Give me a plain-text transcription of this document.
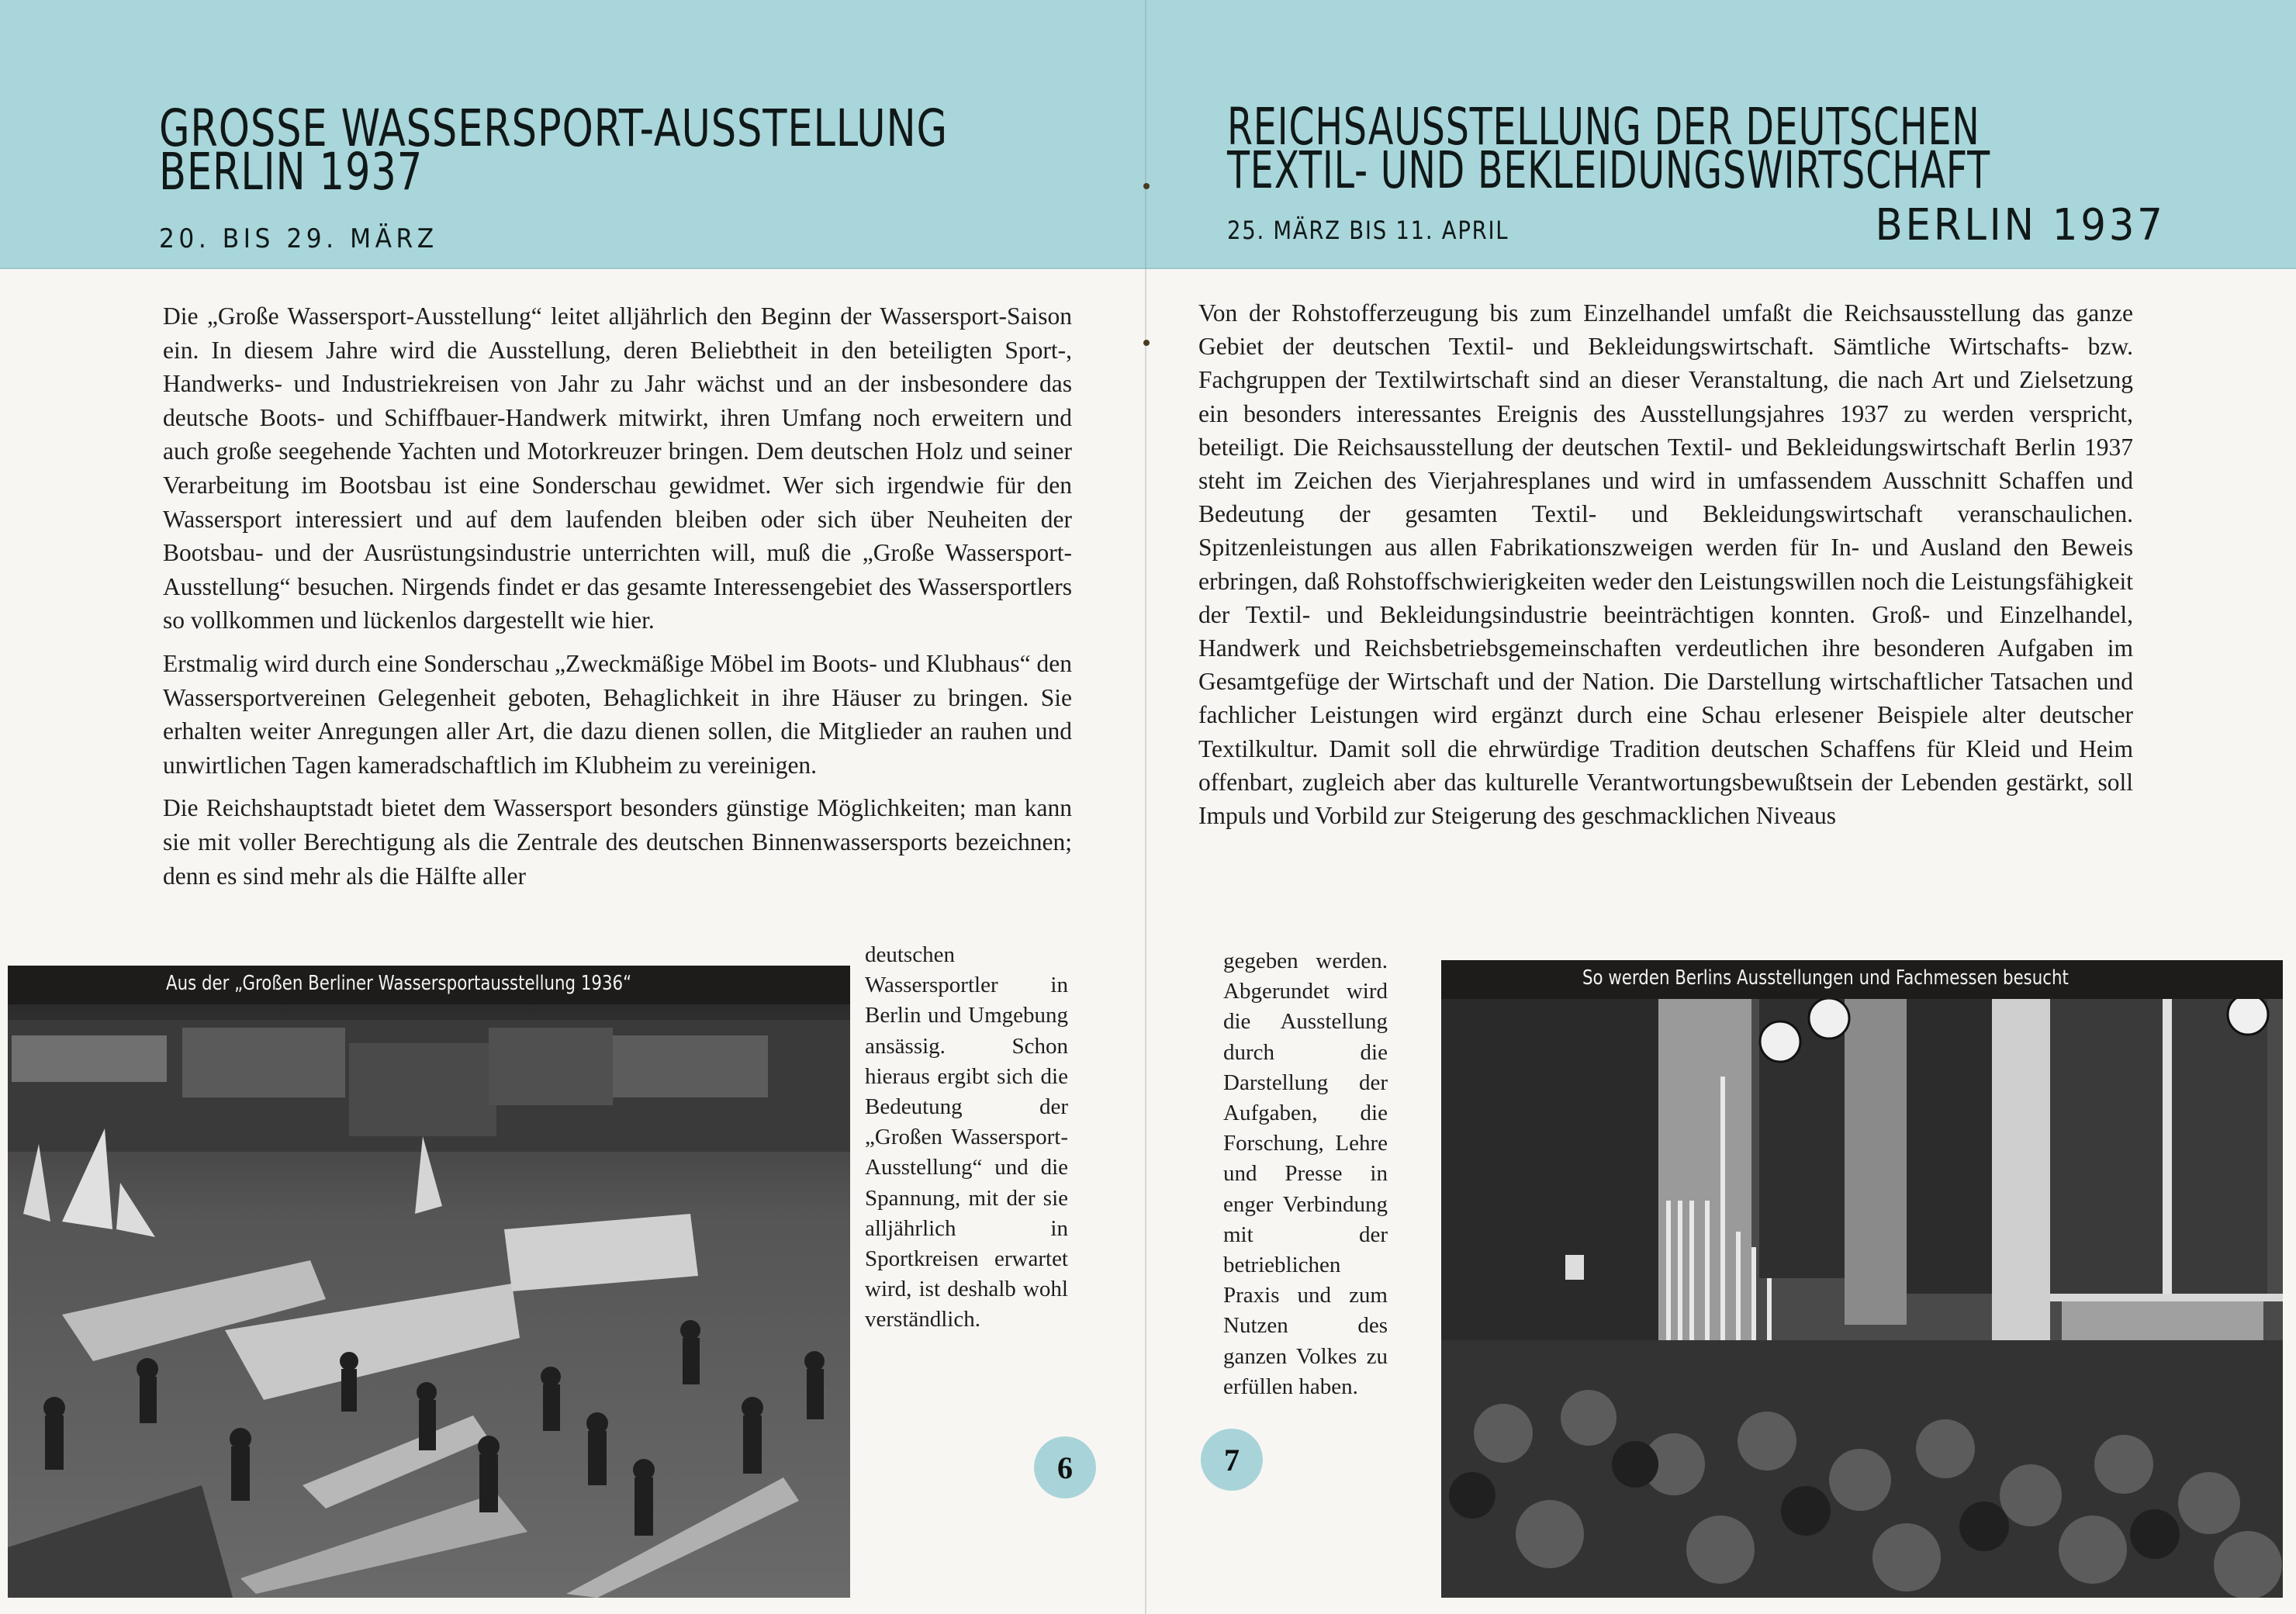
GROSSE WASSERSPORT-AUSSTELLUNG
BERLIN 1937
20. BIS 29. MÄRZ

Die „Große Wassersport-Ausstellung“ leitet alljährlich den Beginn der Wassersport-Saison ein. In diesem Jahre wird die Ausstellung, deren Beliebtheit in den beteiligten Sport-, Handwerks- und Industriekreisen von Jahr zu Jahr wächst und an der insbesondere das deutsche Boots- und Schiffbauer-Handwerk mitwirkt, ihren Umfang noch erweitern und auch große seegehende Yachten und Motorkreuzer bringen. Dem deutschen Holz und seiner Verarbeitung im Bootsbau ist eine Sonderschau gewidmet. Wer sich irgendwie für den Wassersport interessiert und auf dem laufenden bleiben oder sich über Neuheiten der Bootsbau- und der Ausrüstungsindustrie unterrichten will, muß die „Große Wassersport-Ausstellung“ besuchen. Nirgends findet er das gesamte Interessengebiet des Wassersportlers so vollkommen und lückenlos dargestellt wie hier.

Erstmalig wird durch eine Sonderschau „Zweckmäßige Möbel im Boots- und Klubhaus“ den Wassersportvereinen Gelegenheit geboten, Behaglichkeit in ihre Häuser zu bringen. Sie erhalten weiter Anregungen aller Art, die dazu dienen sollen, die Mitglieder an rauhen und unwirtlichen Tagen kameradschaftlich im Klubheim zu vereinigen.

Die Reichshauptstadt bietet dem Wassersport besonders günstige Möglichkeiten; man kann sie mit voller Berechtigung als die Zentrale des deutschen Binnenwassersports bezeichnen; denn es sind mehr als die Hälfte aller

deutschen Wassersportler in Berlin und Umgebung ansässig. Schon hieraus ergibt sich die Bedeutung der „Großen Wassersport-Ausstellung“ und die Spannung, mit der sie alljährlich in Sportkreisen erwartet wird, ist deshalb wohl verständlich.
Aus der „Großen Berliner Wassersportausstellung 1936“
6
REICHSAUSSTELLUNG DER DEUTSCHEN
TEXTIL- UND BEKLEIDUNGSWIRTSCHAFT
25. MÄRZ BIS 11. APRIL	BERLIN 1937

Von der Rohstofferzeugung bis zum Einzelhandel umfaßt die Reichsausstellung das ganze Gebiet der deutschen Textil- und Bekleidungswirtschaft. Sämtliche Wirtschafts- bzw. Fachgruppen der Textilwirtschaft sind an dieser Veranstaltung, die nach Art und Zielsetzung ein besonders interessantes Ereignis des Ausstellungsjahres 1937 zu werden verspricht, beteiligt. Die Reichsausstellung der deutschen Textil- und Bekleidungswirtschaft Berlin 1937 steht im Zeichen des Vierjahresplanes und wird in umfassendem Ausschnitt Schaffen und Bedeutung der gesamten Textil- und Bekleidungswirtschaft veranschaulichen. Spitzenleistungen aus allen Fabrikationszweigen werden für In- und Ausland den Beweis erbringen, daß Rohstoffschwierigkeiten weder den Leistungswillen noch die Leistungsfähigkeit der Textil- und Bekleidungsindustrie beeinträchtigen konnten. Groß- und Einzelhandel, Handwerk und Reichsbetriebsgemeinschaften verdeutlichen ihre besonderen Aufgaben im Gesamtgefüge der Wirtschaft und der Nation. Die Darstellung wirtschaftlicher Tatsachen und fachlicher Leistungen wird ergänzt durch eine Schau erlesener Beispiele alter deutscher Textilkultur. Damit soll die ehrwürdige Tradition deutschen Schaffens für Kleid und Heim offenbart, zugleich aber das kulturelle Verantwortungsbewußtsein der Lebenden gestärkt, soll Impuls und Vorbild zur Steigerung des geschmacklichen Niveaus

gegeben werden. Abgerundet wird die Ausstellung durch die Darstellung der Aufgaben, die Forschung, Lehre und Presse in enger Verbindung mit der betrieblichen Praxis und zum Nutzen des ganzen Volkes zu erfüllen haben.
So werden Berlins Ausstellungen und Fachmessen besucht
7
